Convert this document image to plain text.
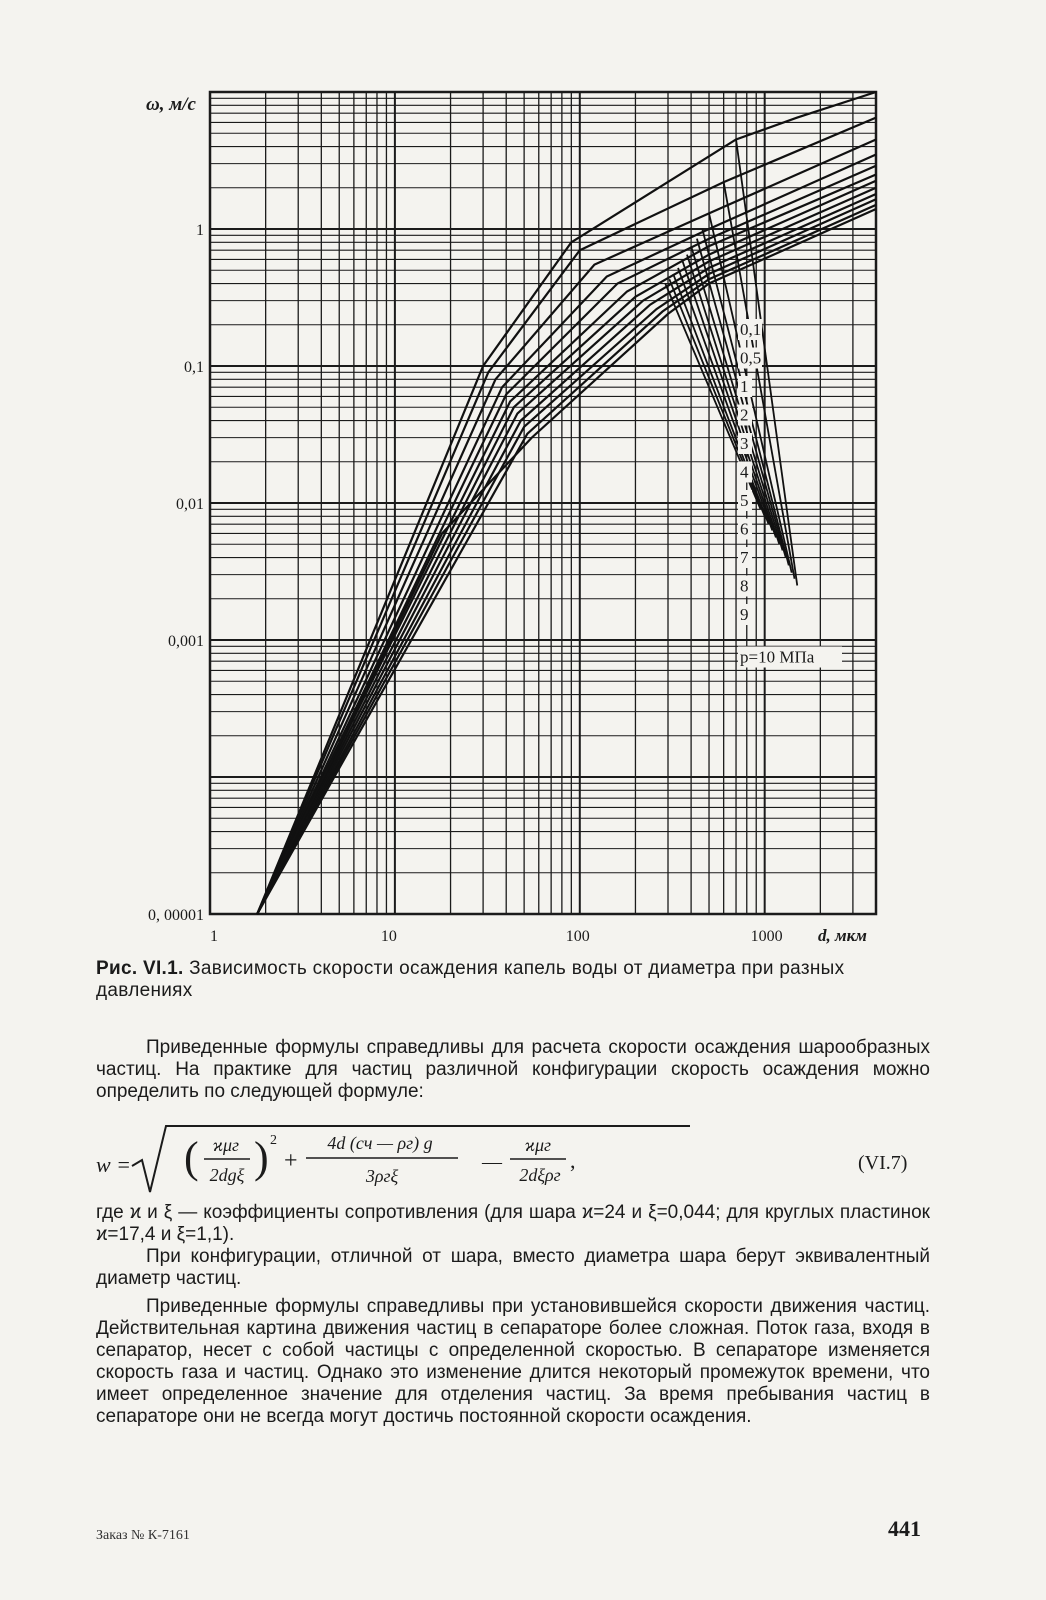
1	10	100	1000
1
0,1
0,01
0,001
0, 00001
0,1
0,5
1
2
3
4
5
6
7
8
9
р=10 МПа
ω, м/с
d, мкм
Рис. VI.1. Зависимость скорости осаждения капель воды от диаметра при разных давлениях

Приведенные формулы справедливы для расчета скорости осаждения шарообразных частиц. На практике для частиц различной конфигурации скорость осаждения можно определить по следующей формуле:

w = ( ϰμг
2dgξ ) 2
+
4d (cч — ρг) g
3ρгξ
—
ϰμг
2dξρг
,	(VI.7)

где ϰ и ξ — коэффициенты сопротивления (для шара ϰ=24 и ξ=0,044; для круглых пластинок ϰ=17,4 и ξ=1,1).

При конфигурации, отличной от шара, вместо диаметра шара берут эквивалентный диаметр частиц.

Приведенные формулы справедливы при установившейся скорости движения частиц. Действительная картина движения частиц в сепараторе более сложная. Поток газа, входя в сепаратор, несет с собой частицы с определенной скоростью. В сепараторе изменяется скорость газа и частиц. Однако это изменение длится некоторый промежуток времени, что имеет определенное значение для отделения частиц. За время пребывания частиц в сепараторе они не всегда могут достичь постоянной скорости осаждения.

Заказ № К-7161	441
